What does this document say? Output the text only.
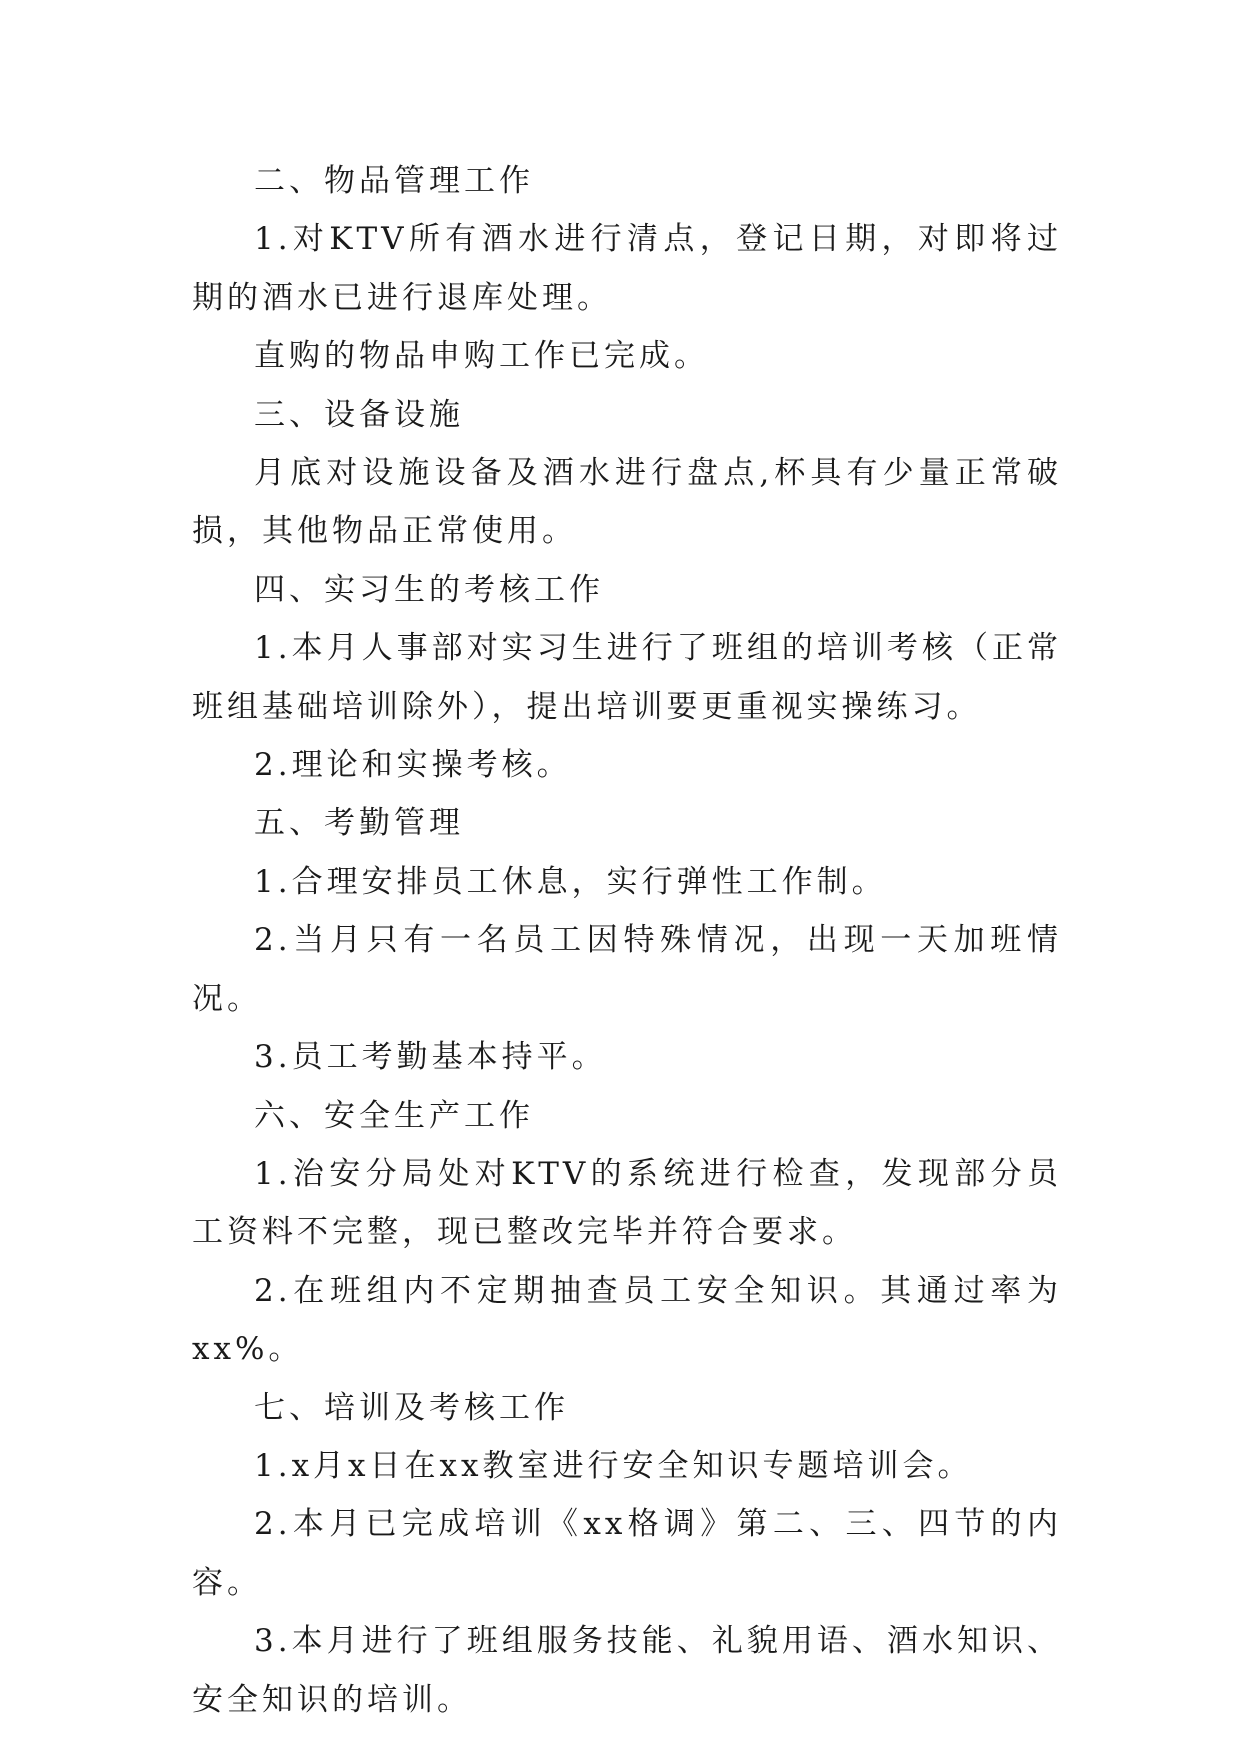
二、物品管理工作

1.对KTV所有酒水进行清点，登记日期，对即将过期的酒水已进行退库处理。

直购的物品申购工作已完成。

三、设备设施

月底对设施设备及酒水进行盘点,杯具有少量正常破损，其他物品正常使用。

四、实习生的考核工作

1.本月人事部对实习生进行了班组的培训考核（正常班组基础培训除外），提出培训要更重视实操练习。

2.理论和实操考核。

五、考勤管理

1.合理安排员工休息，实行弹性工作制。

2.当月只有一名员工因特殊情况，出现一天加班情况。

3.员工考勤基本持平。

六、安全生产工作

1.治安分局处对KTV的系统进行检查，发现部分员工资料不完整，现已整改完毕并符合要求。

2.在班组内不定期抽查员工安全知识。其通过率为xx%。

七、培训及考核工作

1.x月x日在xx教室进行安全知识专题培训会。

2.本月已完成培训《xx格调》第二、三、四节的内容。

3.本月进行了班组服务技能、礼貌用语、酒水知识、安全知识的培训。
